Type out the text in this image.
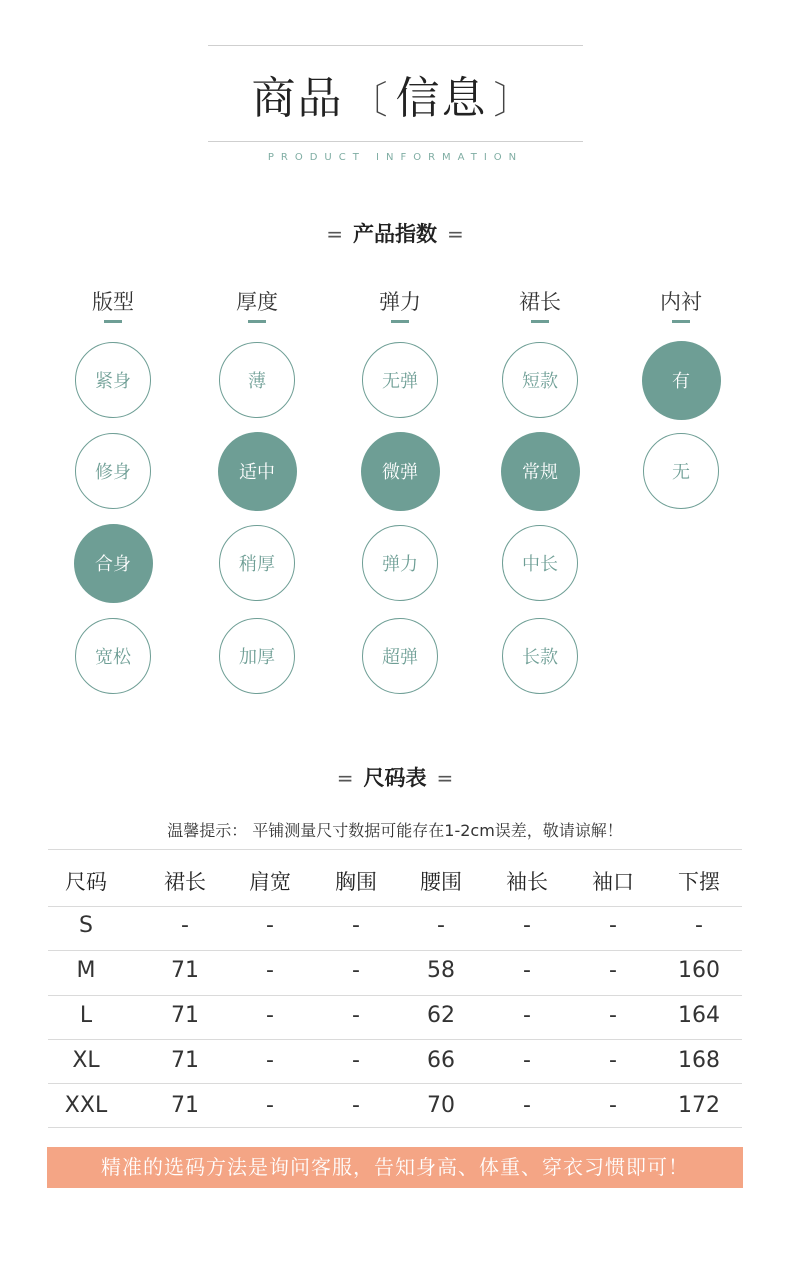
商品 〔 信息 〕
PRODUCT INFORMATION
= 产品指数 =
版型
紧身
修身
合身
宽松
厚度
薄
适中
稍厚
加厚
弹力
无弹
微弹
弹力
超弹
裙长
短款
常规
中长
长款
内衬
有
无
= 尺码表 =
温馨提示： 平铺测量尺寸数据可能存在1-2cm误差，敬请谅解！
尺码	裙长	肩宽	胸围	腰围	袖长	袖口	下摆
S	-	-	-	-	-	-	-
M	71	-	-	58	-	-	160
L	71	-	-	62	-	-	164
XL	71	-	-	66	-	-	168
XXL	71	-	-	70	-	-	172
精准的选码方法是询问客服，告知身高、体重、穿衣习惯即可！
